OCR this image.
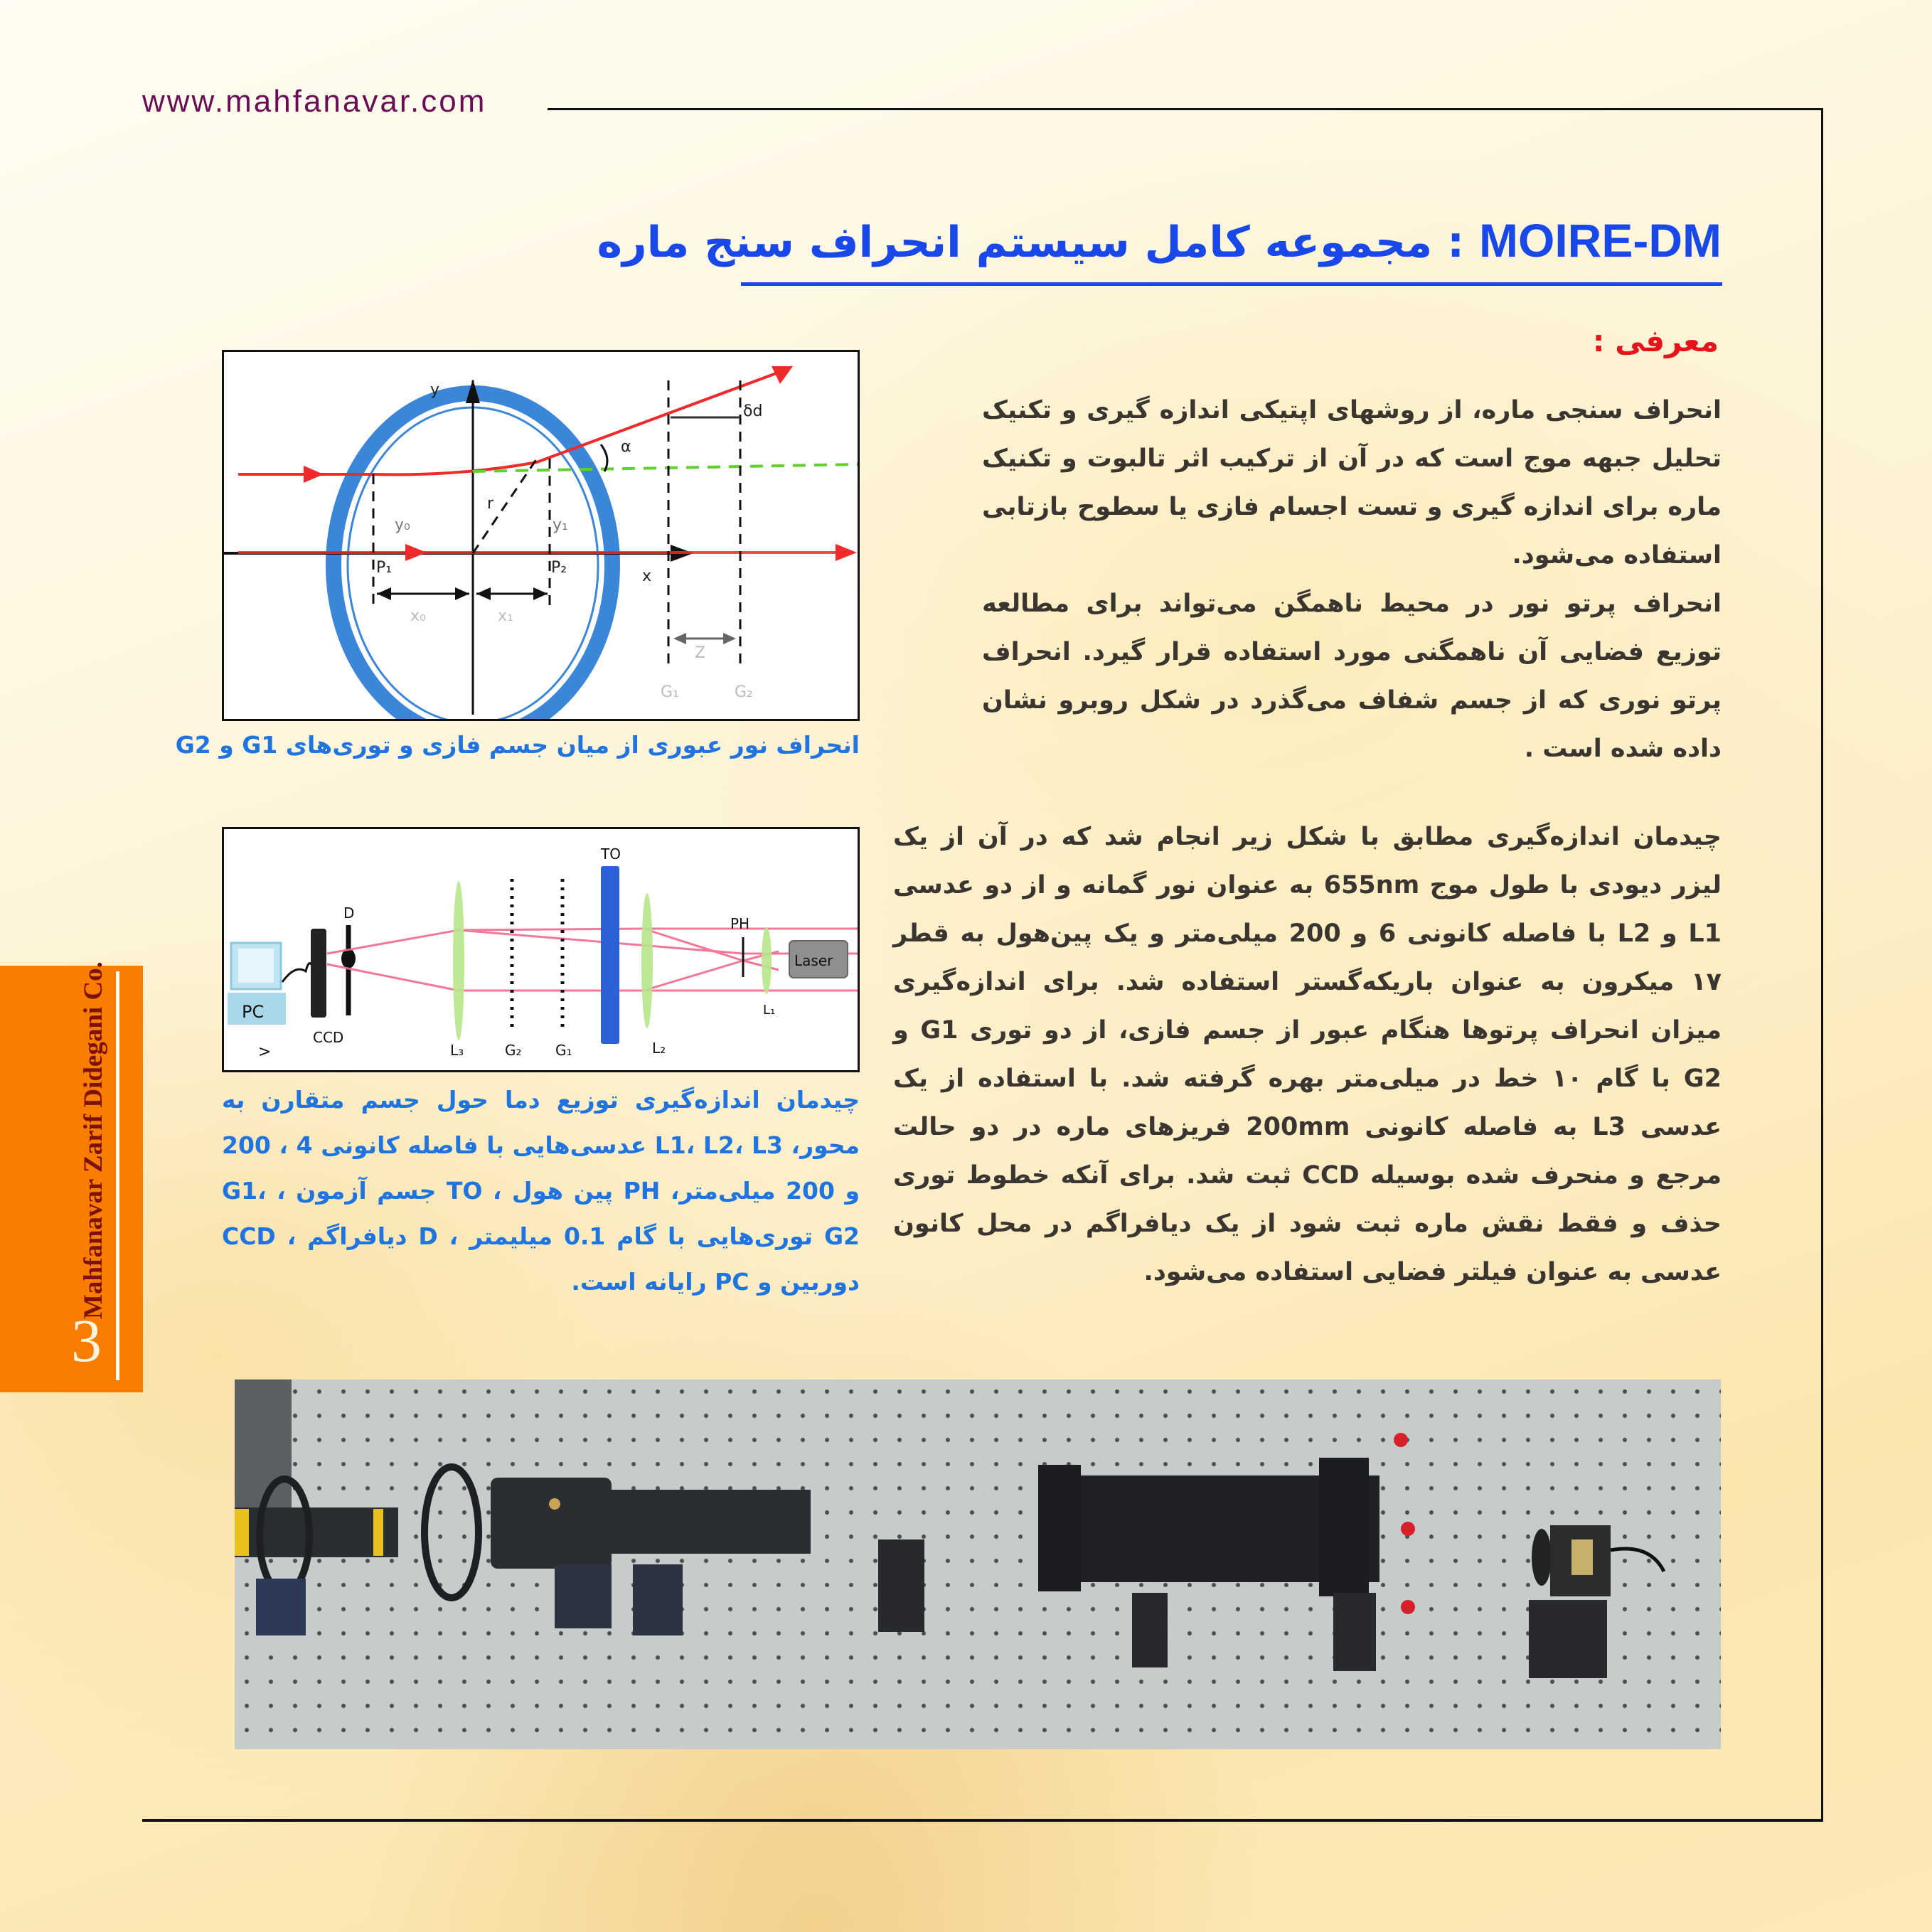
www.mahfanavar.com
MOIRE-DM : مجموعه کامل سیستم انحراف سنج ماره
معرفی :
انحراف سنجی ماره، از روشهای اپتیکی اندازه گیری و تکنیک تحلیل جبهه موج است که در آن از ترکیب اثر تالبوت و تکنیک ماره برای اندازه گیری و تست اجسام فازی یا سطوح بازتابی استفاده می‌شود.
انحراف پرتو نور در محیط ناهمگن می‌تواند برای مطالعه توزیع فضایی آن ناهمگنی مورد استفاده قرار گیرد. انحراف پرتو نوری که از جسم شفاف می‌گذرد در شکل روبرو نشان داده شده است .
چیدمان اندازه‌گیری مطابق با شکل زیر انجام شد که در آن از یک لیزر دیودی با طول موج 655nm به عنوان نور گمانه و از دو عدسی L1 و L2 با فاصله کانونی 6 و 200 میلی‌متر و یک پین‌هول به قطر ۱۷ میکرون به عنوان باریکه‌گستر استفاده شد. برای اندازه‌گیری میزان انحراف پرتوها هنگام عبور از جسم فازی، از دو توری G1 و G2 با گام ۱۰ خط در میلی‌متر بهره گرفته شد. با استفاده از یک عدسی L3 به فاصله کانونی 200mm فریزهای ماره در دو حالت مرجع و منحرف شده بوسیله CCD ثبت شد. برای آنکه خطوط توری حذف و فقط نقش ماره ثبت شود از یک دیافراگم در محل کانون عدسی به عنوان فیلتر فضایی استفاده می‌شود.
y
x
α
δd
r
y₀	y₁
P₁	P₂
x₀	x₁
Z
G₁	G₂
انحراف نور عبوری از میان جسم فازی و توری‌های G1 و G2
PC
>
CCD
D
L₃	G₂ G₁
TO
L₂
PH
L₁
Laser
چیدمان اندازه‌گیری توزیع دما حول جسم متقارن به محور، L1، L2، L3 عدسی‌هایی با فاصله کانونی 4 ، 200 و 200 میلی‌متر، PH پین هول ، TO جسم آزمون ، G1، G2 توری‌هایی با گام 0.1 میلیمتر ، D دیافراگم ، CCD دوربین و PC رایانه است.
Mahfanavar Zarif Didegani Co.
3
